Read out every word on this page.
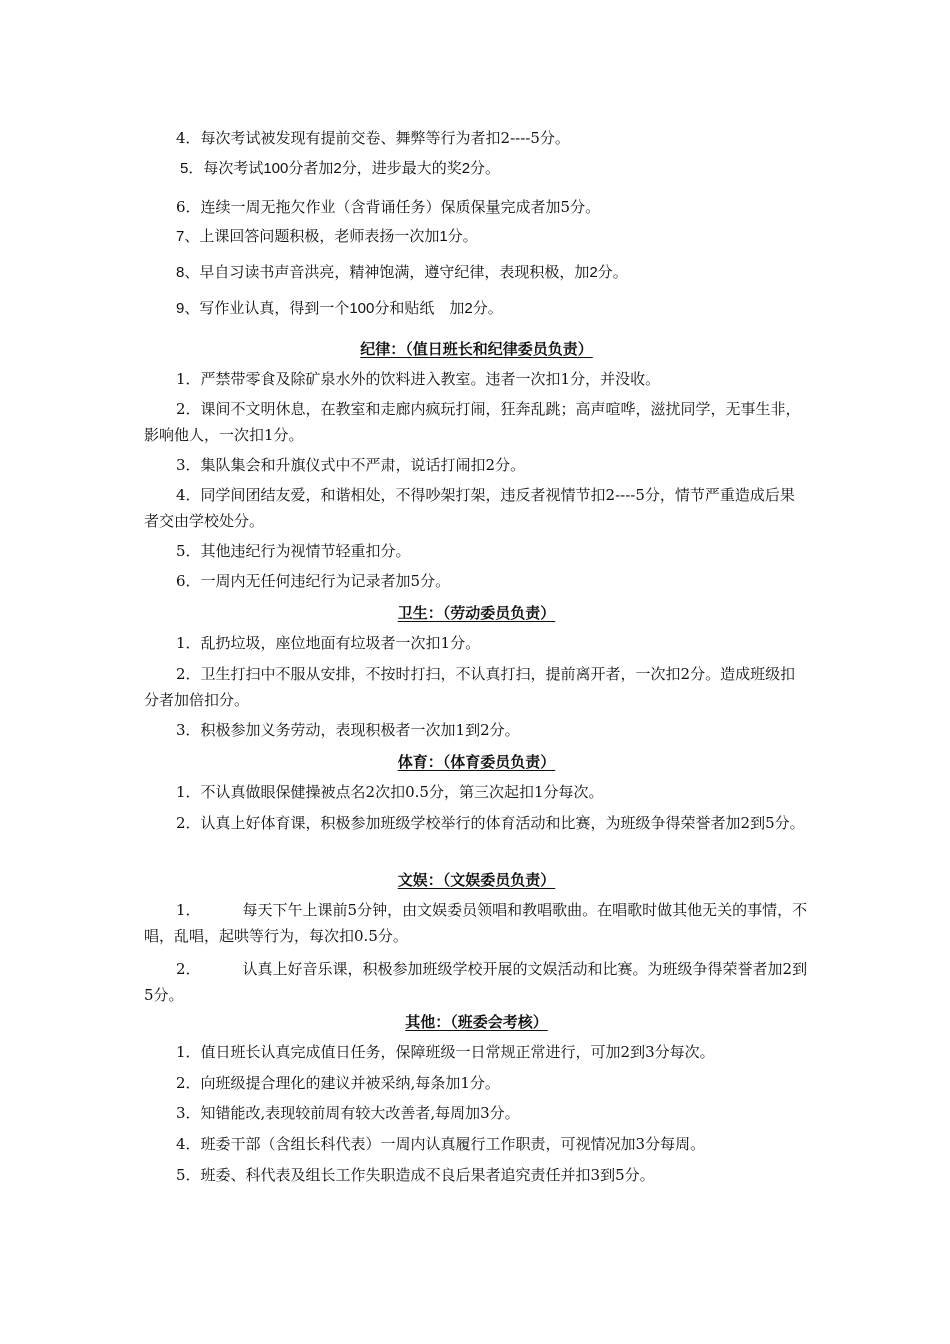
4．每次考试被发现有提前交卷、舞弊等行为者扣2----5分。

5．每次考试100分者加2分，进步最大的奖2分。

6．连续一周无拖欠作业（含背诵任务）保质保量完成者加5分。

7、上课回答问题积极，老师表扬一次加1分。

8、早自习读书声音洪亮，精神饱满，遵守纪律，表现积极，加2分。

9、写作业认真，得到一个100分和贴纸　加2分。

纪律：（值日班长和纪律委员负责）

1．严禁带零食及除矿泉水外的饮料进入教室。违者一次扣1分，并没收。

2．课间不文明休息，在教室和走廊内疯玩打闹，狂奔乱跳；高声喧哗，滋扰同学，无事生非，影响他人，一次扣1分。

3．集队集会和升旗仪式中不严肃，说话打闹扣2分。

4．同学间团结友爱，和谐相处，不得吵架打架，违反者视情节扣2----5分，情节严重造成后果者交由学校处分。

5．其他违纪行为视情节轻重扣分。

6．一周内无任何违纪行为记录者加5分。

卫生：（劳动委员负责）

1．乱扔垃圾，座位地面有垃圾者一次扣1分。

2．卫生打扫中不服从安排，不按时打扫，不认真打扫，提前离开者，一次扣2分。造成班级扣分者加倍扣分。

3．积极参加义务劳动，表现积极者一次加1到2分。

体育：（体育委员负责）

1．不认真做眼保健操被点名2次扣0.5分，第三次起扣1分每次。

2．认真上好体育课，积极参加班级学校举行的体育活动和比赛，为班级争得荣誉者加2到5分。

文娱：（文娱委员负责）

1．	每天下午上课前5分钟，由文娱委员领唱和教唱歌曲。在唱歌时做其他无关的事情，不唱，乱唱，起哄等行为，每次扣0.5分。

2．	认真上好音乐课，积极参加班级学校开展的文娱活动和比赛。为班级争得荣誉者加2到5分。

其他：（班委会考核）

1．值日班长认真完成值日任务，保障班级一日常规正常进行，可加2到3分每次。

2．向班级提合理化的建议并被采纳,每条加1分。

3．知错能改,表现较前周有较大改善者,每周加3分。

4．班委干部（含组长科代表）一周内认真履行工作职责，可视情况加3分每周。

5．班委、科代表及组长工作失职造成不良后果者追究责任并扣3到5分。
